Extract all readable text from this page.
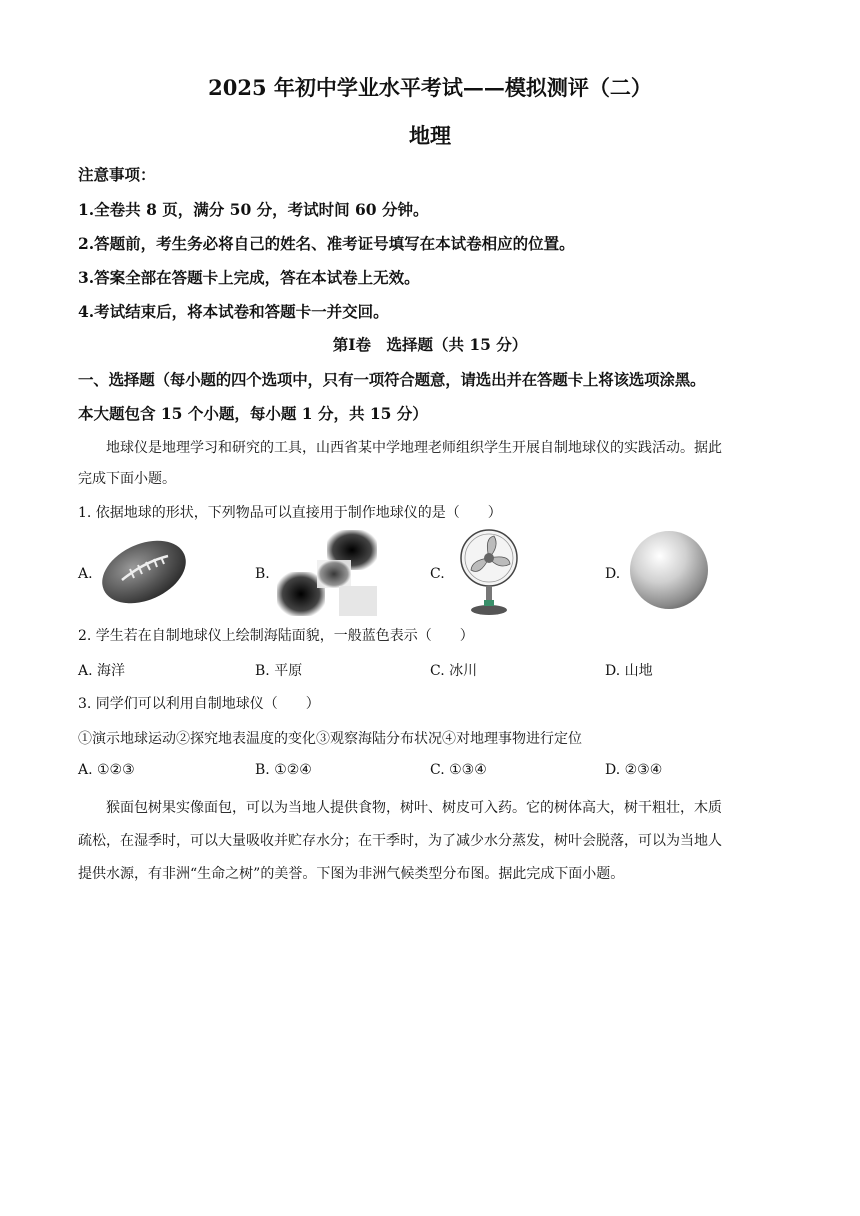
2025 年初中学业水平考试——模拟测评（二）
地理
注意事项：
1.全卷共 8 页，满分 50 分，考试时间 60 分钟。
2.答题前，考生务必将自己的姓名、准考证号填写在本试卷相应的位置。
3.答案全部在答题卡上完成，答在本试卷上无效。
4.考试结束后，将本试卷和答题卡一并交回。
第Ⅰ卷　选择题（共 15 分）
一、选择题（每小题的四个选项中，只有一项符合题意，请选出并在答题卡上将该选项涂黑。
本大题包含 15 个小题，每小题 1 分，共 15 分）
地球仪是地理学习和研究的工具，山西省某中学地理老师组织学生开展自制地球仪的实践活动。据此
完成下面小题。
1. 依据地球的形状，下列物品可以直接用于制作地球仪的是（　　）
A.	B.	C.	D.
2. 学生若在自制地球仪上绘制海陆面貌，一般蓝色表示（　　）
A. 海洋	B. 平原	C. 冰川	D. 山地
3. 同学们可以利用自制地球仪（　　）
①演示地球运动②探究地表温度的变化③观察海陆分布状况④对地理事物进行定位
A. ①②③	B. ①②④	C. ①③④	D. ②③④
猴面包树果实像面包，可以为当地人提供食物，树叶、树皮可入药。它的树体高大，树干粗壮，木质
疏松，在湿季时，可以大量吸收并贮存水分；在干季时，为了减少水分蒸发，树叶会脱落，可以为当地人
提供水源，有非洲“生命之树”的美誉。下图为非洲气候类型分布图。据此完成下面小题。
